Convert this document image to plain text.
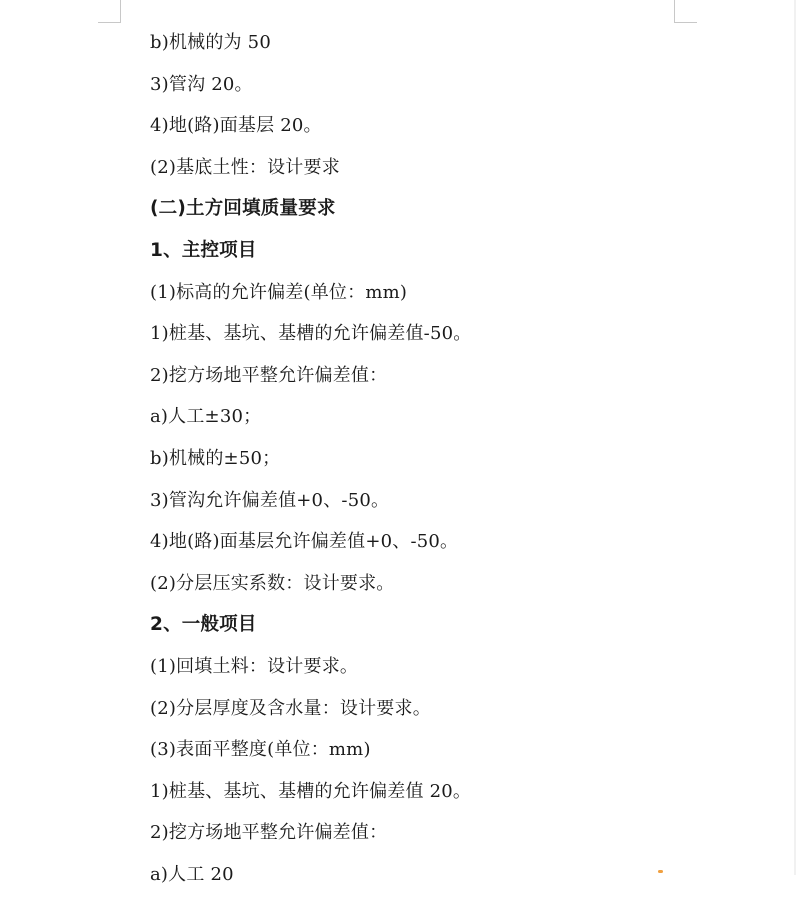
b)机械的为 50
3)管沟 20。
4)地(路)面基层 20。
(2)基底土性：设计要求
(二)土方回填质量要求
1、主控项目
(1)标高的允许偏差(单位：mm)
1)桩基、基坑、基槽的允许偏差值-50。
2)挖方场地平整允许偏差值：
a)人工±30；
b)机械的±50；
3)管沟允许偏差值+0、-50。
4)地(路)面基层允许偏差值+0、-50。
(2)分层压实系数：设计要求。
2、一般项目
(1)回填土料：设计要求。
(2)分层厚度及含水量：设计要求。
(3)表面平整度(单位：mm)
1)桩基、基坑、基槽的允许偏差值 20。
2)挖方场地平整允许偏差值：
a)人工 20
